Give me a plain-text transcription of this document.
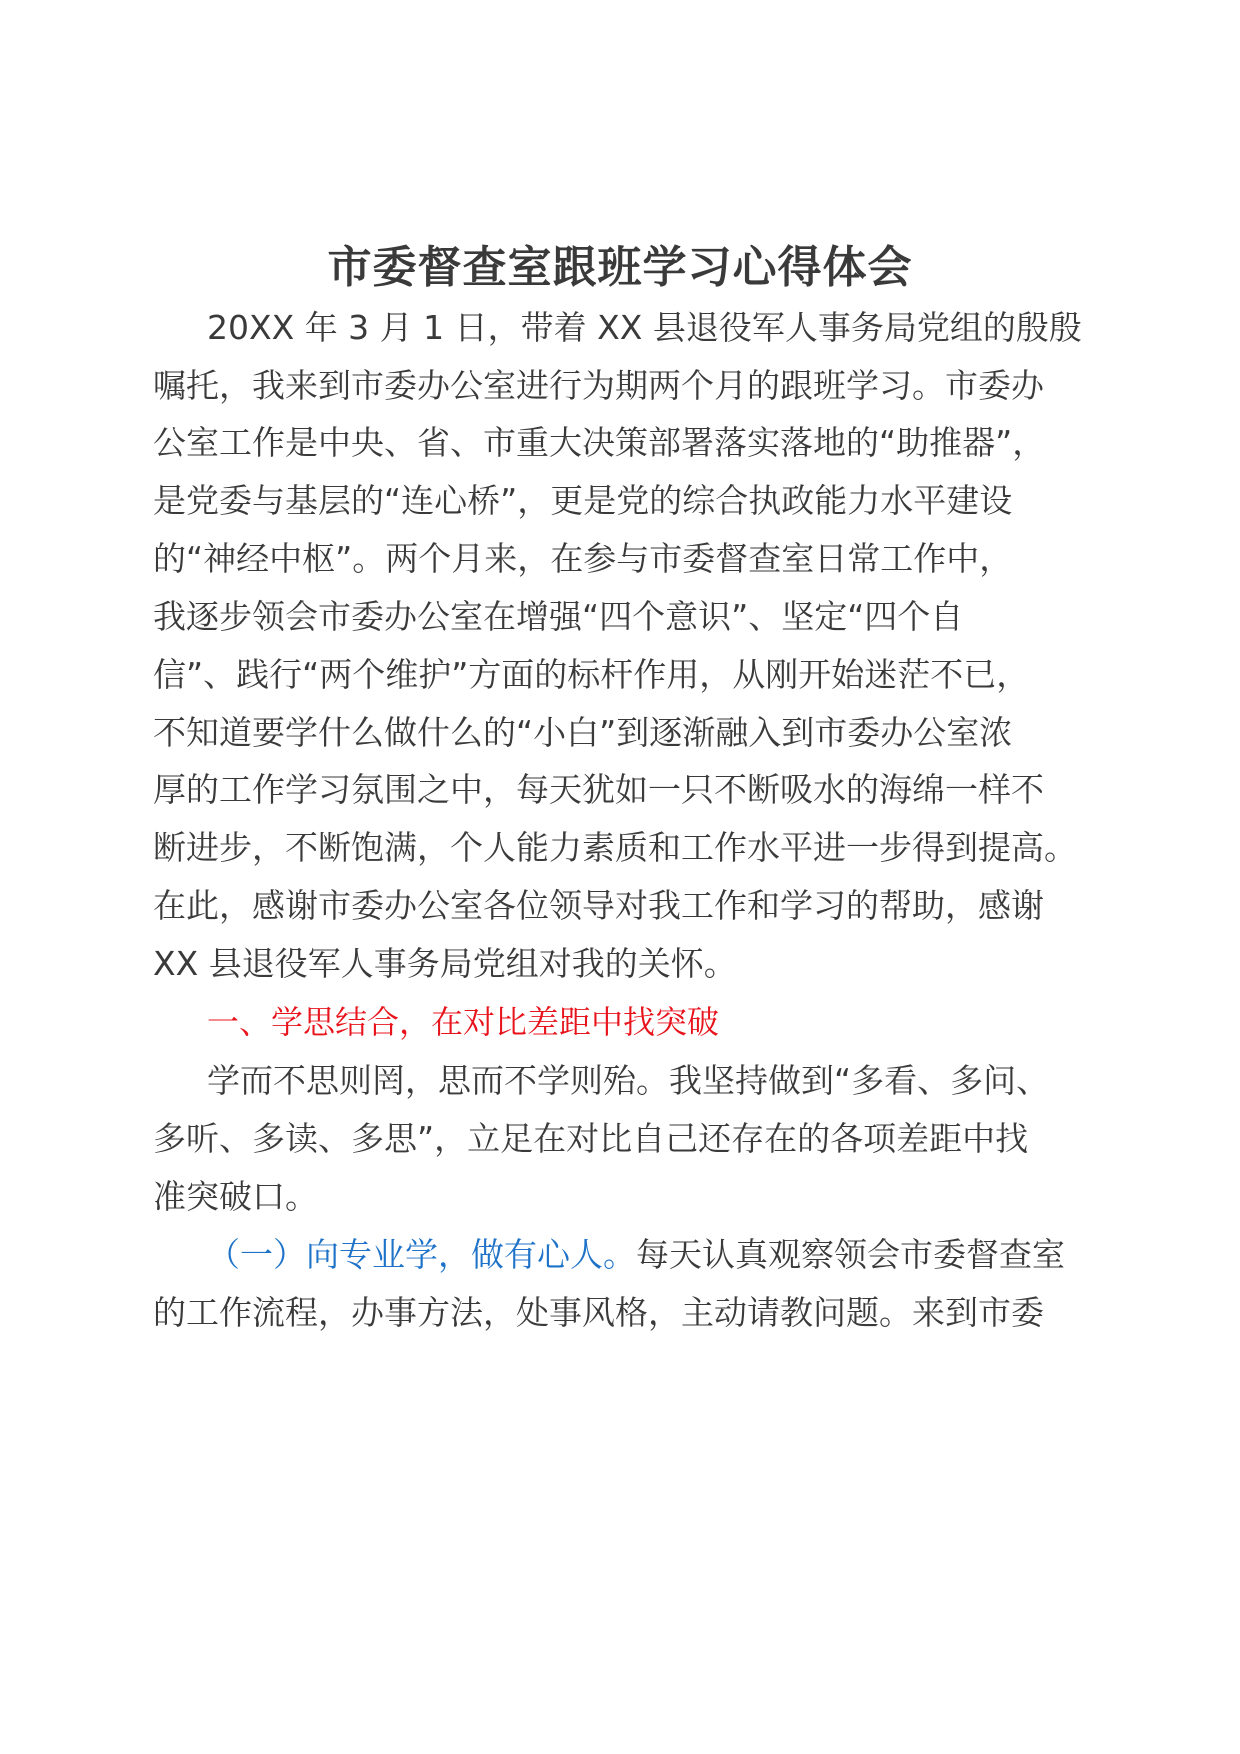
市委督查室跟班学习心得体会
20XX 年 3 月 1 日，带着 XX 县退役军人事务局党组的殷殷
嘱托，我来到市委办公室进行为期两个月的跟班学习。市委办
公室工作是中央、省、市重大决策部署落实落地的“助推器”，
是党委与基层的“连心桥”，更是党的综合执政能力水平建设
的“神经中枢”。两个月来，在参与市委督查室日常工作中，
我逐步领会市委办公室在增强“四个意识”、坚定“四个自
信”、践行“两个维护”方面的标杆作用，从刚开始迷茫不已，
不知道要学什么做什么的“小白”到逐渐融入到市委办公室浓
厚的工作学习氛围之中，每天犹如一只不断吸水的海绵一样不
断进步，不断饱满，个人能力素质和工作水平进一步得到提高。
在此，感谢市委办公室各位领导对我工作和学习的帮助，感谢
XX 县退役军人事务局党组对我的关怀。
一、学思结合，在对比差距中找突破
学而不思则罔，思而不学则殆。我坚持做到“多看、多问、
多听、多读、多思”，立足在对比自己还存在的各项差距中找
准突破口。
（一）向专业学，做有心人。每天认真观察领会市委督查室
的工作流程，办事方法，处事风格，主动请教问题。来到市委
